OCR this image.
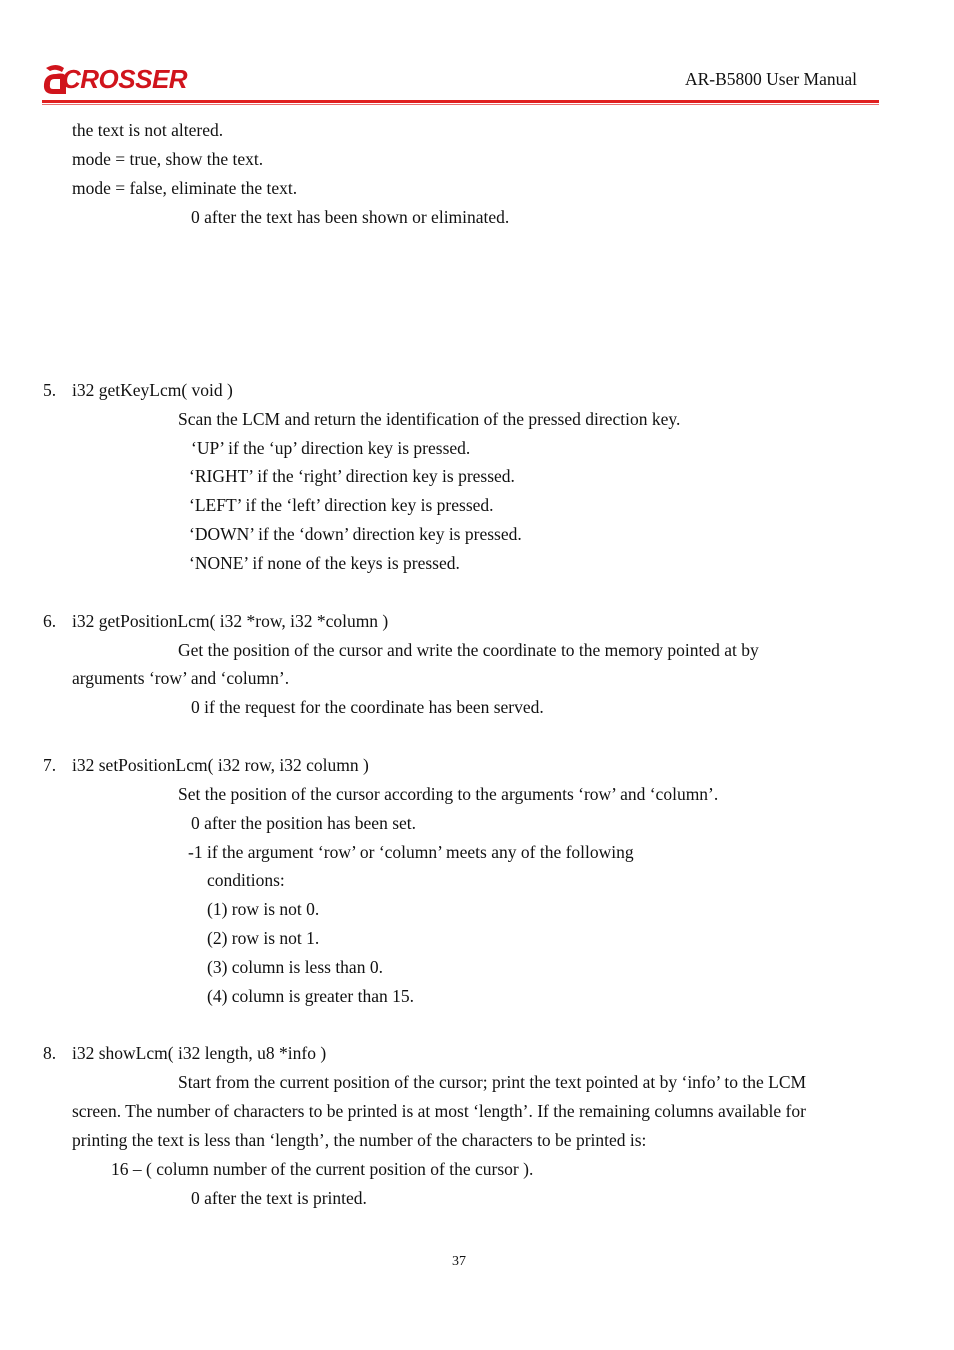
CROSSER	AR-B5800 User Manual
the text is not altered.
mode = true, show the text.
mode = false, eliminate the text.
0 after the text has been shown or eliminated.
5. i32 getKeyLcm( void )
Scan the LCM and return the identification of the pressed direction key.
‘UP’ if the ‘up’ direction key is pressed.
‘RIGHT’ if the ‘right’ direction key is pressed.
‘LEFT’ if the ‘left’ direction key is pressed.
‘DOWN’ if the ‘down’ direction key is pressed.
‘NONE’ if none of the keys is pressed.
6. i32 getPositionLcm( i32 *row, i32 *column )
Get the position of the cursor and write the coordinate to the memory pointed at by
arguments ‘row’ and ‘column’.
0 if the request for the coordinate has been served.
7. i32 setPositionLcm( i32 row, i32 column )
Set the position of the cursor according to the arguments ‘row’ and ‘column’.
0 after the position has been set.
-1 if the argument ‘row’ or ‘column’ meets any of the following
conditions:
(1) row is not 0.
(2) row is not 1.
(3) column is less than 0.
(4) column is greater than 15.
8. i32 showLcm( i32 length, u8 *info )
Start from the current position of the cursor; print the text pointed at by ‘info’ to the LCM
screen. The number of characters to be printed is at most ‘length’. If the remaining columns available for
printing the text is less than ‘length’, the number of the characters to be printed is:
16 – ( column number of the current position of the cursor ).
0 after the text is printed.
37
